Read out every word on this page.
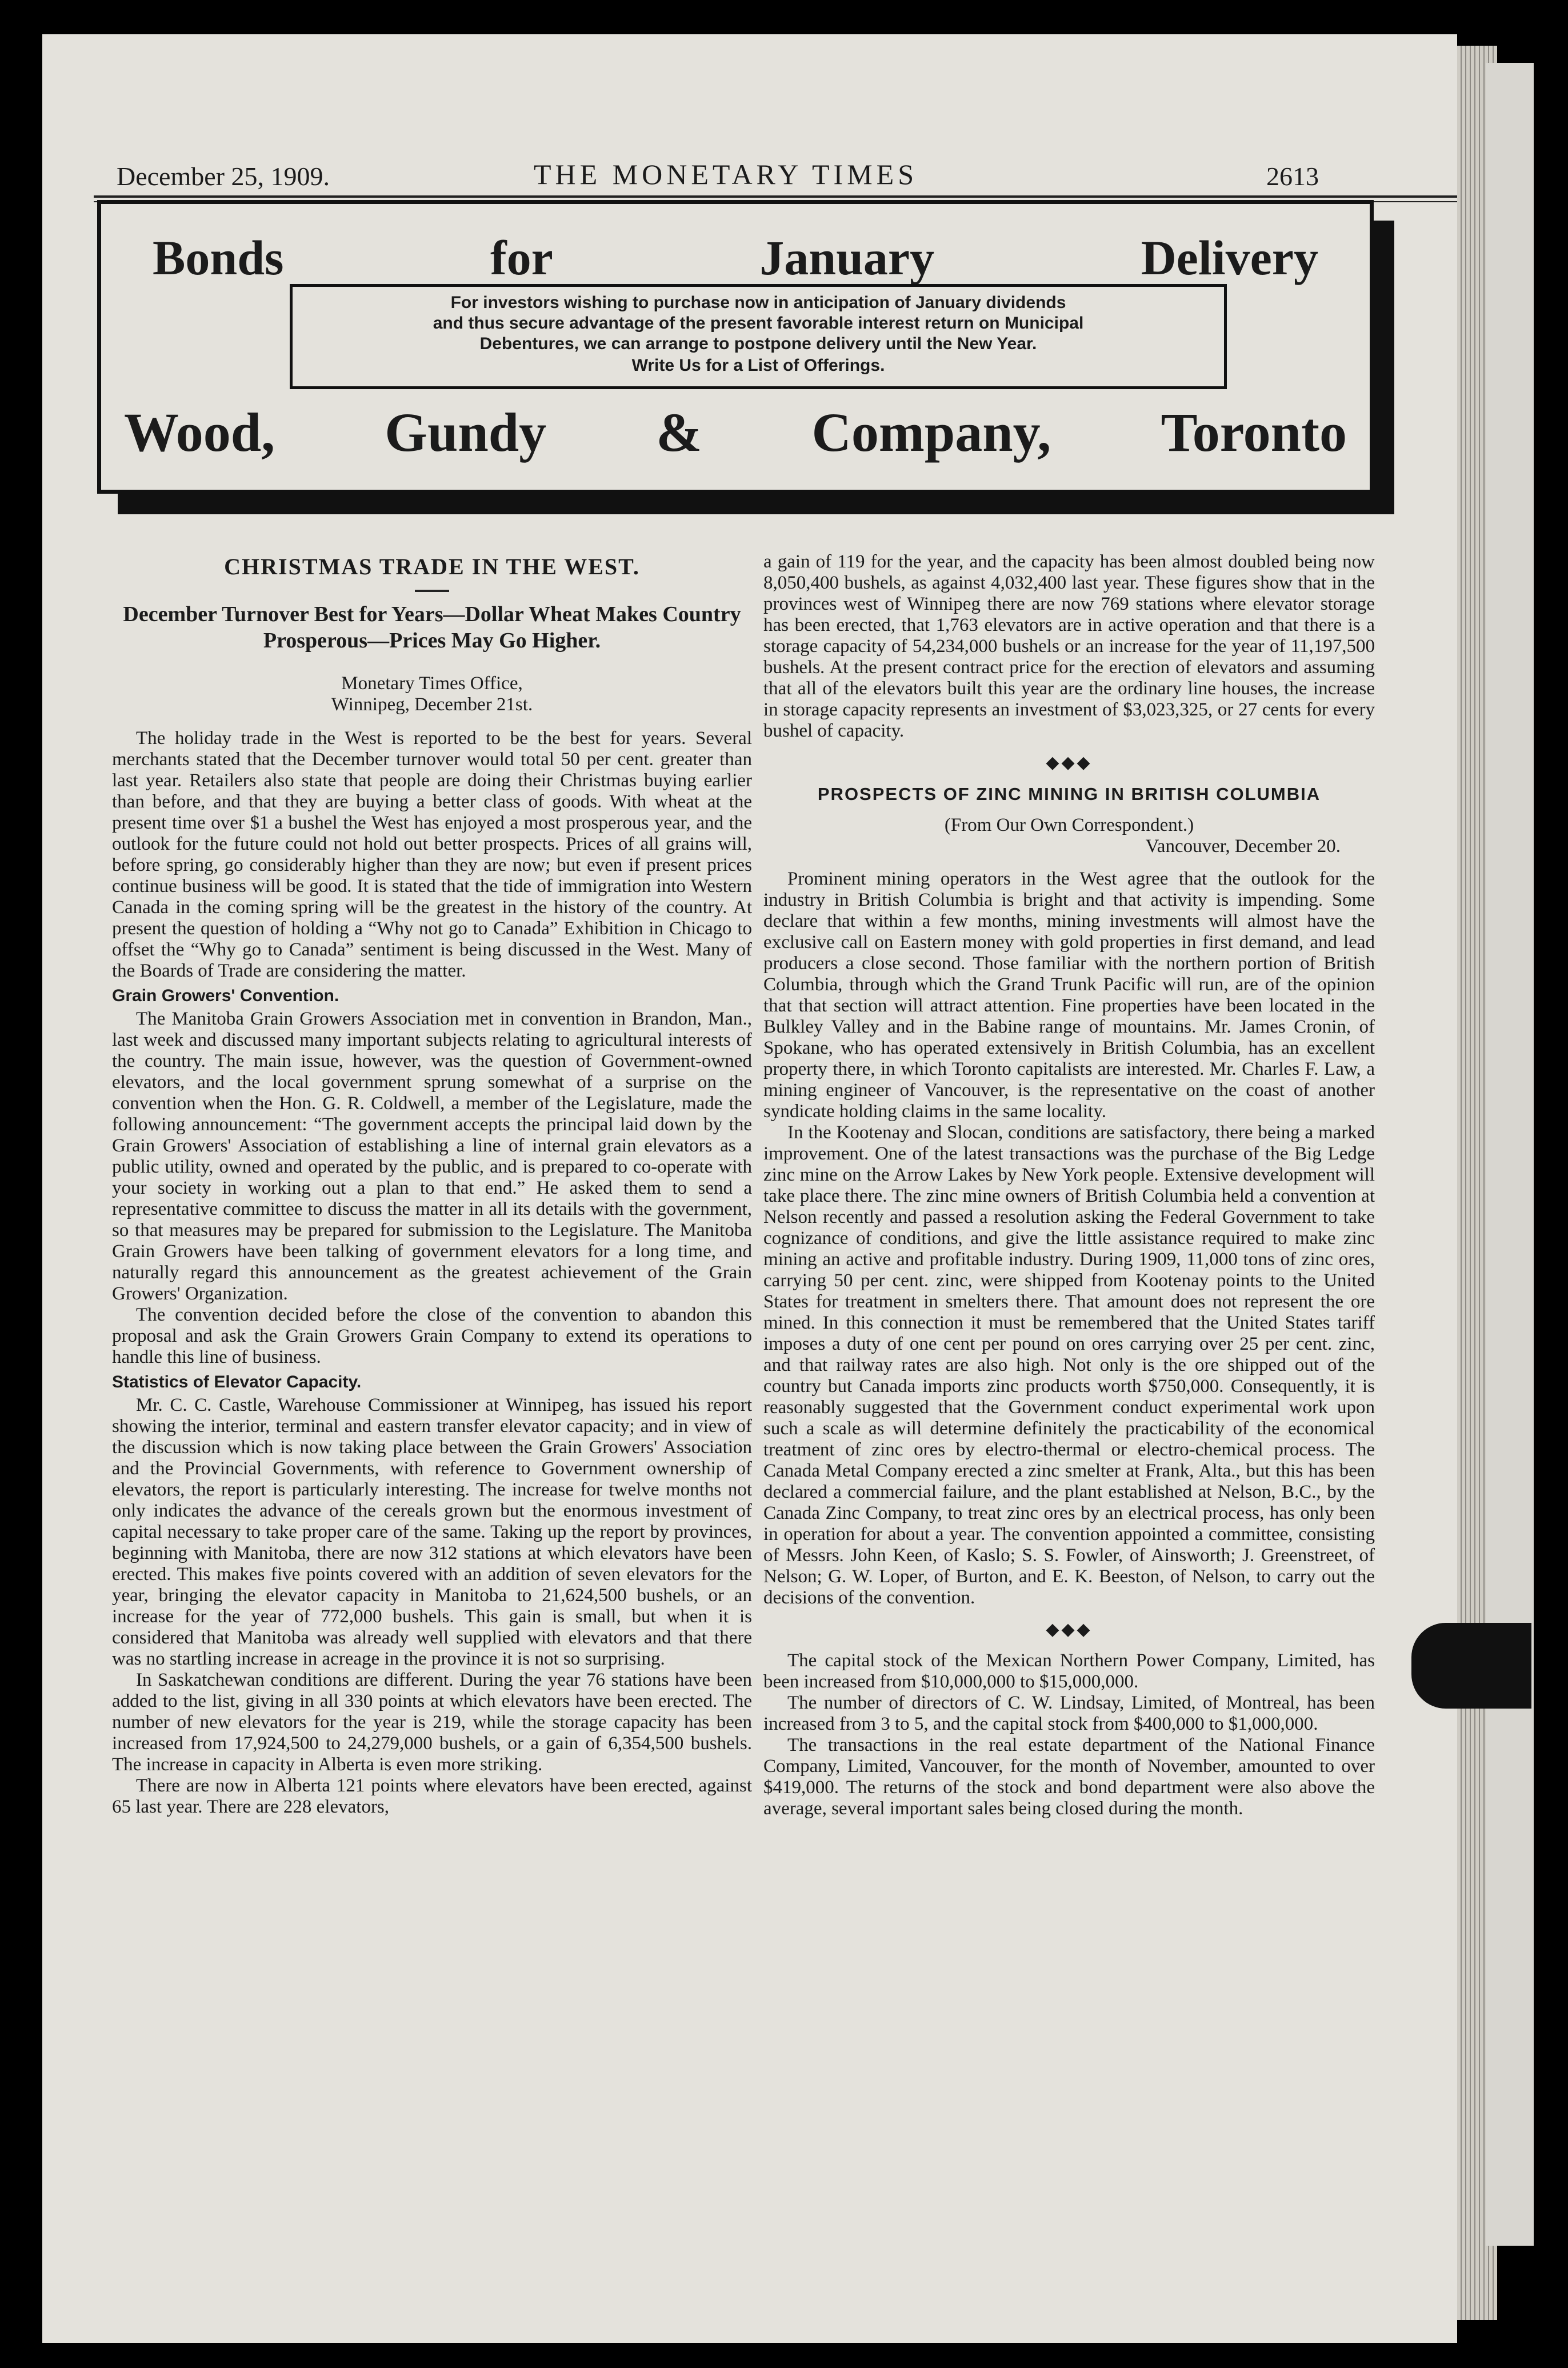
December 25, 1909.	THE MONETARY TIMES	2613
Bonds	for	January	Delivery

For investors wishing to purchase now in anticipation of January dividends

and thus secure advantage of the present favorable interest return on Municipal

Debentures, we can arrange to postpone delivery until the New Year.

Write Us for a List of Offerings.

Wood, Gundy & Company, Toronto
CHRISTMAS TRADE IN THE WEST.
December Turnover Best for Years—Dollar Wheat Makes Country Prosperous—Prices May Go Higher.
Monetary Times Office,
Winnipeg, December 21st.

The holiday trade in the West is reported to be the best for years. Several merchants stated that the December turnover would total 50 per cent. greater than last year. Retailers also state that people are doing their Christmas buying earlier than before, and that they are buying a better class of goods. With wheat at the present time over $1 a bushel the West has enjoyed a most prosperous year, and the outlook for the future could not hold out better prospects. Prices of all grains will, before spring, go considerably higher than they are now; but even if present prices continue business will be good. It is stated that the tide of immigration into Western Canada in the coming spring will be the greatest in the history of the country. At present the question of holding a “Why not go to Canada” Exhibition in Chicago to offset the “Why go to Canada” sentiment is being discussed in the West. Many of the Boards of Trade are considering the matter.

Grain Growers' Convention.

The Manitoba Grain Growers Association met in convention in Brandon, Man., last week and discussed many important subjects relating to agricultural interests of the country. The main issue, however, was the question of Government-owned elevators, and the local government sprung somewhat of a surprise on the convention when the Hon. G. R. Coldwell, a member of the Legislature, made the following announcement: “The government accepts the principal laid down by the Grain Growers' Association of establishing a line of internal grain elevators as a public utility, owned and operated by the public, and is prepared to co-operate with your society in working out a plan to that end.” He asked them to send a representative committee to discuss the matter in all its details with the government, so that measures may be prepared for submission to the Legislature. The Manitoba Grain Growers have been talking of government elevators for a long time, and naturally regard this announcement as the greatest achievement of the Grain Growers' Organization.

The convention decided before the close of the convention to abandon this proposal and ask the Grain Growers Grain Company to extend its operations to handle this line of business.

Statistics of Elevator Capacity.

Mr. C. C. Castle, Warehouse Commissioner at Winnipeg, has issued his report showing the interior, terminal and eastern transfer elevator capacity; and in view of the discussion which is now taking place between the Grain Growers' Association and the Provincial Governments, with reference to Government ownership of elevators, the report is particularly interesting. The increase for twelve months not only indicates the advance of the cereals grown but the enormous investment of capital necessary to take proper care of the same. Taking up the report by provinces, beginning with Manitoba, there are now 312 stations at which elevators have been erected. This makes five points covered with an addition of seven elevators for the year, bringing the elevator capacity in Manitoba to 21,624,500 bushels, or an increase for the year of 772,000 bushels. This gain is small, but when it is considered that Manitoba was already well supplied with elevators and that there was no startling increase in acreage in the province it is not so surprising.

In Saskatchewan conditions are different. During the year 76 stations have been added to the list, giving in all 330 points at which elevators have been erected. The number of new elevators for the year is 219, while the storage capacity has been increased from 17,924,500 to 24,279,000 bushels, or a gain of 6,354,500 bushels. The increase in capacity in Alberta is even more striking.

There are now in Alberta 121 points where elevators have been erected, against 65 last year. There are 228 elevators,

a gain of 119 for the year, and the capacity has been almost doubled being now 8,050,400 bushels, as against 4,032,400 last year. These figures show that in the provinces west of Winnipeg there are now 769 stations where elevator storage has been erected, that 1,763 elevators are in active operation and that there is a storage capacity of 54,234,000 bushels or an increase for the year of 11,197,500 bushels. At the present contract price for the erection of elevators and assuming that all of the elevators built this year are the ordinary line houses, the increase in storage capacity represents an investment of $3,023,325, or 27 cents for every bushel of capacity.

◆◆◆
PROSPECTS OF ZINC MINING IN BRITISH COLUMBIA
(From Our Own Correspondent.)
Vancouver, December 20.

Prominent mining operators in the West agree that the outlook for the industry in British Columbia is bright and that activity is impending. Some declare that within a few months, mining investments will almost have the exclusive call on Eastern money with gold properties in first demand, and lead producers a close second. Those familiar with the northern portion of British Columbia, through which the Grand Trunk Pacific will run, are of the opinion that that section will attract attention. Fine properties have been located in the Bulkley Valley and in the Babine range of mountains. Mr. James Cronin, of Spokane, who has operated extensively in British Columbia, has an excellent property there, in which Toronto capitalists are interested. Mr. Charles F. Law, a mining engineer of Vancouver, is the representative on the coast of another syndicate holding claims in the same locality.

In the Kootenay and Slocan, conditions are satisfactory, there being a marked improvement. One of the latest transactions was the purchase of the Big Ledge zinc mine on the Arrow Lakes by New York people. Extensive development will take place there. The zinc mine owners of British Columbia held a convention at Nelson recently and passed a resolution asking the Federal Government to take cognizance of conditions, and give the little assistance required to make zinc mining an active and profitable industry. During 1909, 11,000 tons of zinc ores, carrying 50 per cent. zinc, were shipped from Kootenay points to the United States for treatment in smelters there. That amount does not represent the ore mined. In this connection it must be remembered that the United States tariff imposes a duty of one cent per pound on ores carrying over 25 per cent. zinc, and that railway rates are also high. Not only is the ore shipped out of the country but Canada imports zinc products worth $750,000. Consequently, it is reasonably suggested that the Government conduct experimental work upon such a scale as will determine definitely the practicability of the economical treatment of zinc ores by electro-thermal or electro-chemical process. The Canada Metal Company erected a zinc smelter at Frank, Alta., but this has been declared a commercial failure, and the plant established at Nelson, B.C., by the Canada Zinc Company, to treat zinc ores by an electrical process, has only been in operation for about a year. The convention appointed a committee, consisting of Messrs. John Keen, of Kaslo; S. S. Fowler, of Ainsworth; J. Greenstreet, of Nelson; G. W. Loper, of Burton, and E. K. Beeston, of Nelson, to carry out the decisions of the convention.

◆◆◆

The capital stock of the Mexican Northern Power Company, Limited, has been increased from $10,000,000 to $15,000,000.

The number of directors of C. W. Lindsay, Limited, of Montreal, has been increased from 3 to 5, and the capital stock from $400,000 to $1,000,000.

The transactions in the real estate department of the National Finance Company, Limited, Vancouver, for the month of November, amounted to over $419,000. The returns of the stock and bond department were also above the average, several important sales being closed during the month.
